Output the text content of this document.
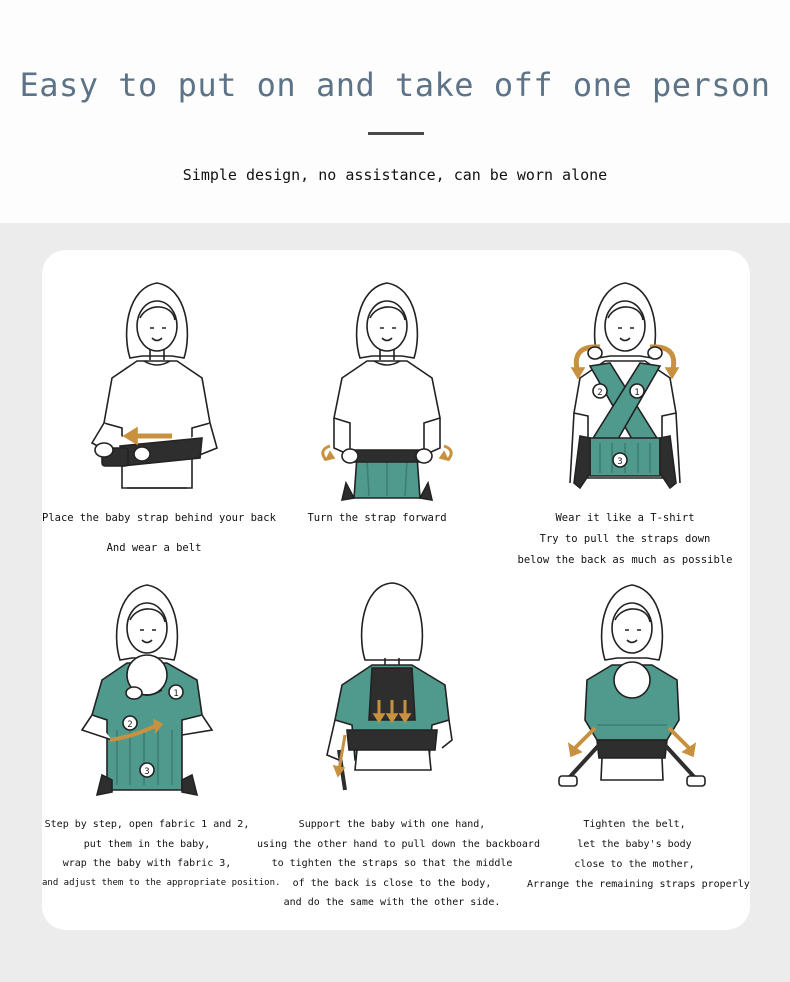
Easy to put on and take off one person
Simple design, no assistance, can be worn alone
2	1
3
1
2
3
Place the baby strap behind your back
And wear a belt
Turn the strap forward	Wear it like a T-shirt
Try to pull the straps down
below the back as much as possible
Step by step, open fabric 1 and 2,
put them in the baby,
wrap the baby with fabric 3,
and adjust them to the appropriate position.
Support the baby with one hand,
using the other hand to pull down the backboard
to tighten the straps so that the middle
of the back is close to the body,
and do the same with the other side.
Tighten the belt,
let the baby's body
close to the mother,
Arrange the remaining straps properly
